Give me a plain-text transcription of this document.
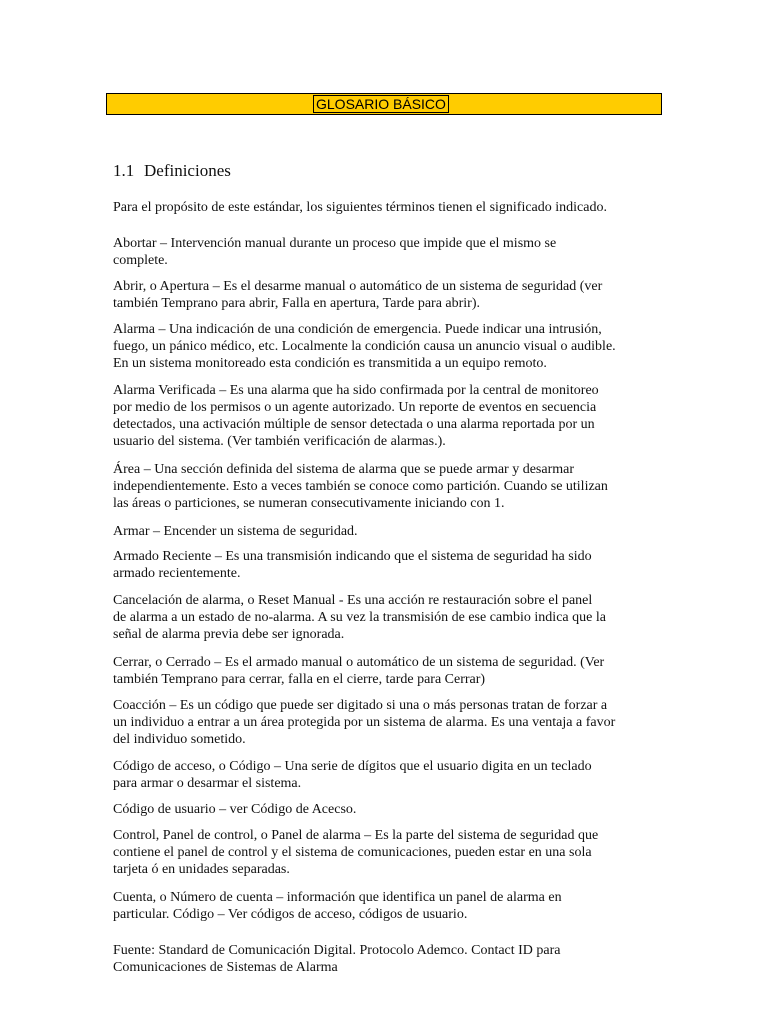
GLOSARIO BÁSICO
1.1 Definiciones

Para el propósito de este estándar, los siguientes términos tienen el significado indicado.

Abortar – Intervención manual durante un proceso que impide que el mismo se
complete.

Abrir, o Apertura – Es el desarme manual o automático de un sistema de seguridad (ver
también Temprano para abrir, Falla en apertura, Tarde para abrir).

Alarma – Una indicación de una condición de emergencia. Puede indicar una intrusión,
fuego, un pánico médico, etc. Localmente la condición causa un anuncio visual o audible.
En un sistema monitoreado esta condición es transmitida a un equipo remoto.

Alarma Verificada – Es una alarma que ha sido confirmada por la central de monitoreo
por medio de los permisos o un agente autorizado. Un reporte de eventos en secuencia
detectados, una activación múltiple de sensor detectada o una alarma reportada por un
usuario del sistema. (Ver también verificación de alarmas.).

Área – Una sección definida del sistema de alarma que se puede armar y desarmar
independientemente. Esto a veces también se conoce como partición. Cuando se utilizan
las áreas o particiones, se numeran consecutivamente iniciando con 1.

Armar – Encender un sistema de seguridad.

Armado Reciente – Es una transmisión indicando que el sistema de seguridad ha sido
armado recientemente.

Cancelación de alarma, o Reset Manual - Es una acción re restauración sobre el panel
de alarma a un estado de no-alarma. A su vez la transmisión de ese cambio indica que la
señal de alarma previa debe ser ignorada.

Cerrar, o Cerrado – Es el armado manual o automático de un sistema de seguridad. (Ver
también Temprano para cerrar, falla en el cierre, tarde para Cerrar)

Coacción – Es un código que puede ser digitado si una o más personas tratan de forzar a
un individuo a entrar a un área protegida por un sistema de alarma. Es una ventaja a favor
del individuo sometido.

Código de acceso, o Código – Una serie de dígitos que el usuario digita en un teclado
para armar o desarmar el sistema.

Código de usuario – ver Código de Acecso.

Control, Panel de control, o Panel de alarma – Es la parte del sistema de seguridad que
contiene el panel de control y el sistema de comunicaciones, pueden estar en una sola
tarjeta ó en unidades separadas.

Cuenta, o Número de cuenta – información que identifica un panel de alarma en
particular. Código – Ver códigos de acceso, códigos de usuario.

Fuente: Standard de Comunicación Digital. Protocolo Ademco. Contact ID para
Comunicaciones de Sistemas de Alarma
